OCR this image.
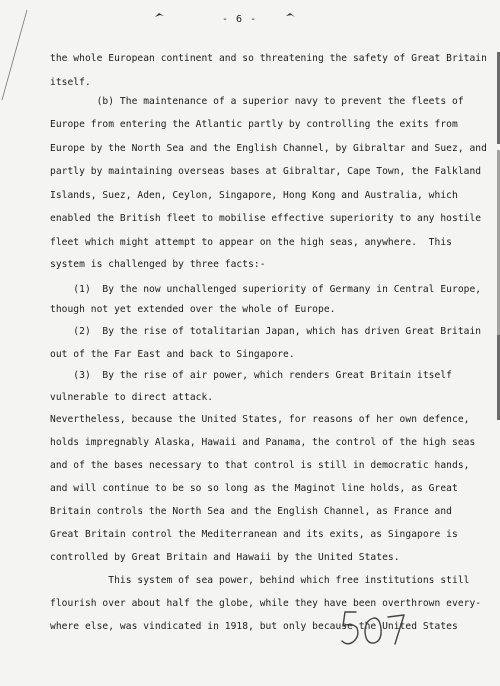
- 6 -
the whole European continent and so threatening the safety of Great Britain
itself.
(b) The maintenance of a superior navy to prevent the fleets of
Europe from entering the Atlantic partly by controlling the exits from
Europe by the North Sea and the English Channel, by Gibraltar and Suez, and
partly by maintaining overseas bases at Gibraltar, Cape Town, the Falkland
Islands, Suez, Aden, Ceylon, Singapore, Hong Kong and Australia, which
enabled the British fleet to mobilise effective superiority to any hostile
fleet which might attempt to appear on the high seas, anywhere.  This
system is challenged by three facts:-
(1)  By the now unchallenged superiority of Germany in Central Europe,
though not yet extended over the whole of Europe.
(2)  By the rise of totalitarian Japan, which has driven Great Britain
out of the Far East and back to Singapore.
(3)  By the rise of air power, which renders Great Britain itself
vulnerable to direct attack.
Nevertheless, because the United States, for reasons of her own defence,
holds impregnably Alaska, Hawaii and Panama, the control of the high seas
and of the bases necessary to that control is still in democratic hands,
and will continue to be so so long as the Maginot line holds, as Great
Britain controls the North Sea and the English Channel, as France and
Great Britain control the Mediterranean and its exits, as Singapore is
controlled by Great Britain and Hawaii by the United States.
This system of sea power, behind which free institutions still
flourish over about half the globe, while they have been overthrown every-
where else, was vindicated in 1918, but only because the United States
